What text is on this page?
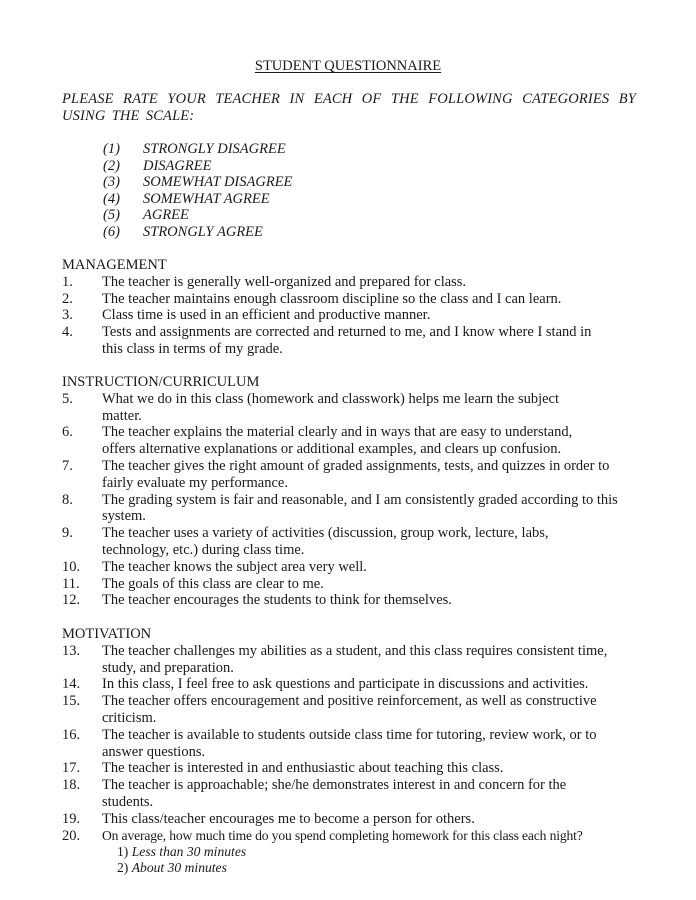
STUDENT QUESTIONNAIRE
PLEASE RATE YOUR TEACHER IN EACH OF THE FOLLOWING CATEGORIES BY USING THE SCALE:
(1) STRONGLY DISAGREE
(2) DISAGREE
(3) SOMEWHAT DISAGREE
(4) SOMEWHAT AGREE
(5) AGREE
(6) STRONGLY AGREE
MANAGEMENT
1. The teacher is generally well-organized and prepared for class.
2. The teacher maintains enough classroom discipline so the class and I can learn.
3. Class time is used in an efficient and productive manner.
4. Tests and assignments are corrected and returned to me, and I know where I stand in this class in terms of my grade.
INSTRUCTION/CURRICULUM
5. What we do in this class (homework and classwork) helps me learn the subject matter.
6. The teacher explains the material clearly and in ways that are easy to understand, offers alternative explanations or additional examples, and clears up confusion.
7. The teacher gives the right amount of graded assignments, tests, and quizzes in order to fairly evaluate my performance.
8. The grading system is fair and reasonable, and I am consistently graded according to this system.
9. The teacher uses a variety of activities (discussion, group work, lecture, labs, technology, etc.) during class time.
10. The teacher knows the subject area very well.
11. The goals of this class are clear to me.
12. The teacher encourages the students to think for themselves.
MOTIVATION
13. The teacher challenges my abilities as a student, and this class requires consistent time, study, and preparation.
14. In this class, I feel free to ask questions and participate in discussions and activities.
15. The teacher offers encouragement and positive reinforcement, as well as constructive criticism.
16. The teacher is available to students outside class time for tutoring, review work, or to answer questions.
17. The teacher is interested in and enthusiastic about teaching this class.
18. The teacher is approachable; she/he demonstrates interest in and concern for the students.
19. This class/teacher encourages me to become a person for others.
20. On average, how much time do you spend completing homework for this class each night?
1) Less than 30 minutes
2) About 30 minutes
